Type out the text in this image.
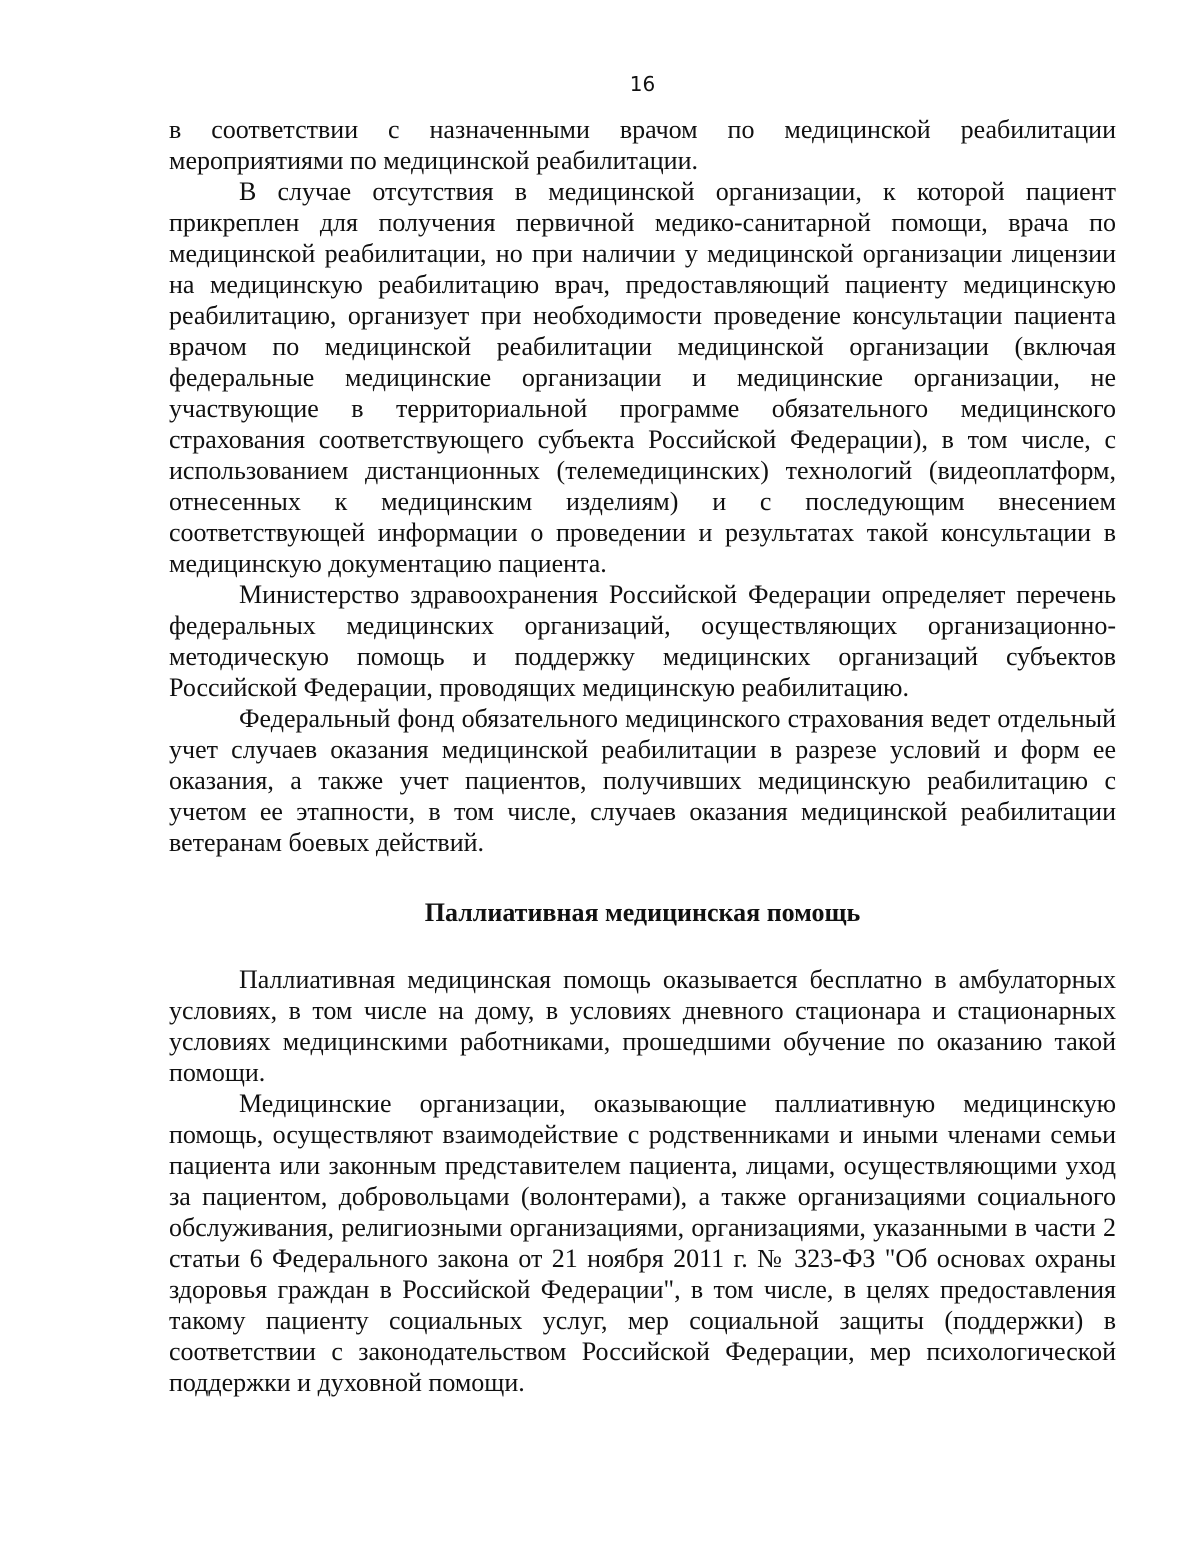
16

в соответствии с назначенными врачом по медицинской реабилитации мероприятиями по медицинской реабилитации.

В случае отсутствия в медицинской организации, к которой пациент прикреплен для получения первичной медико-санитарной помощи, врача по медицинской реабилитации, но при наличии у медицинской организации лицензии на медицинскую реабилитацию врач, предоставляющий пациенту медицинскую реабилитацию, организует при необходимости проведение консультации пациента врачом по медицинской реабилитации медицинской организации (включая федеральные медицинские организации и медицинские организации, не участвующие в территориальной программе обязательного медицинского страхования соответствующего субъекта Российской Федерации), в том числе, с использованием дистанционных (телемедицинских) технологий (видеоплатформ, отнесенных к медицинским изделиям) и с последующим внесением соответствующей информации о проведении и результатах такой консультации в медицинскую документацию пациента.

Министерство здравоохранения Российской Федерации определяет перечень федеральных медицинских организаций, осуществляющих организационно-методическую помощь и поддержку медицинских организаций субъектов Российской Федерации, проводящих медицинскую реабилитацию.

Федеральный фонд обязательного медицинского страхования ведет отдельный учет случаев оказания медицинской реабилитации в разрезе условий и форм ее оказания, а также учет пациентов, получивших медицинскую реабилитацию с учетом ее этапности, в том числе, случаев оказания медицинской реабилитации ветеранам боевых действий.

Паллиативная медицинская помощь

Паллиативная медицинская помощь оказывается бесплатно в амбулаторных условиях, в том числе на дому, в условиях дневного стационара и стационарных условиях медицинскими работниками, прошедшими обучение по оказанию такой помощи.

Медицинские организации, оказывающие паллиативную медицинскую помощь, осуществляют взаимодействие с родственниками и иными членами семьи пациента или законным представителем пациента, лицами, осуществляющими уход за пациентом, добровольцами (волонтерами), а также организациями социального обслуживания, религиозными организациями, организациями, указанными в части 2 статьи 6 Федерального закона от 21 ноября 2011 г. № 323-ФЗ "Об основах охраны здоровья граждан в Российской Федерации", в том числе, в целях предоставления такому пациенту социальных услуг, мер социальной защиты (поддержки) в соответствии с законодательством Российской Федерации, мер психологической поддержки и духовной помощи.
